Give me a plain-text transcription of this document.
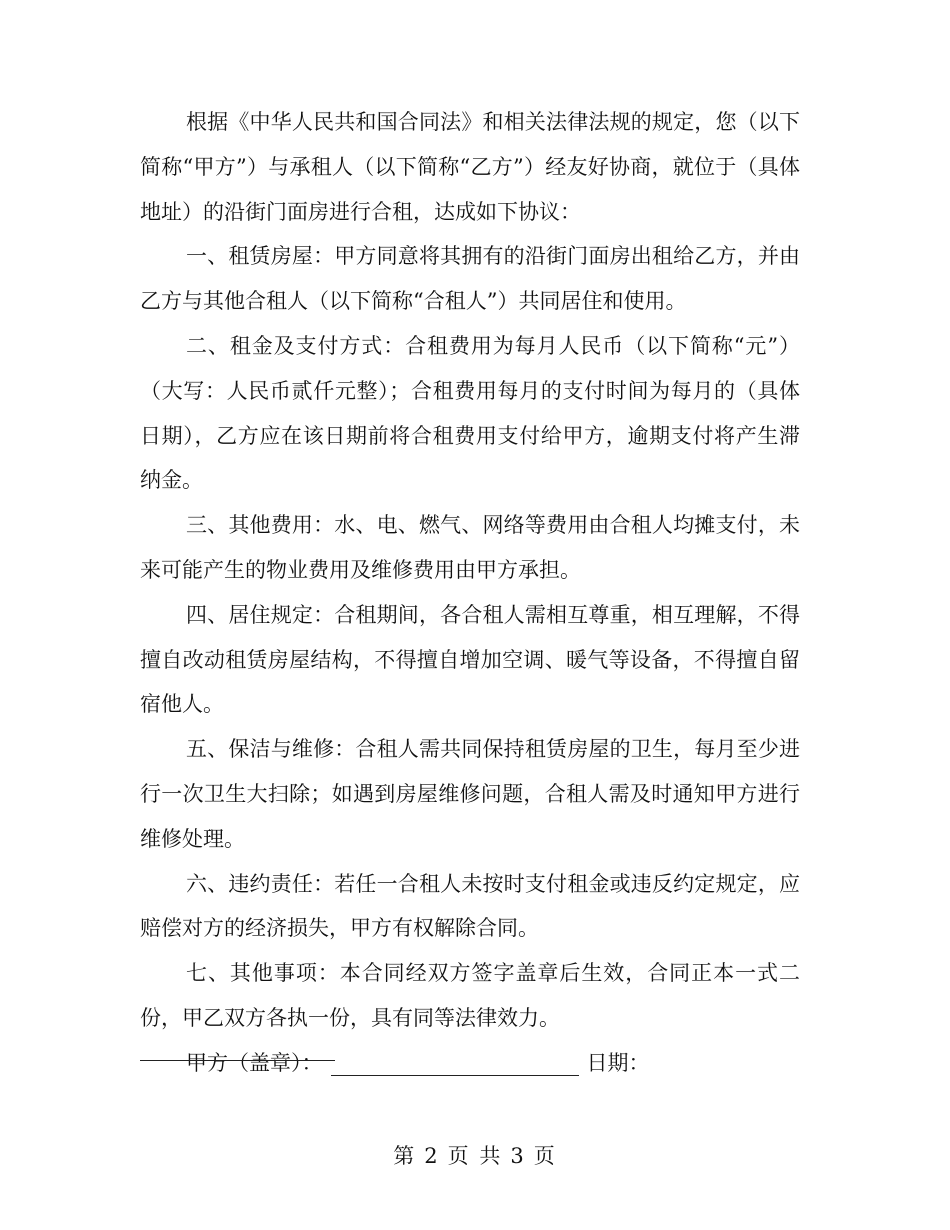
根据《中华人民共和国合同法》和相关法律法规的规定，您（以下简称“甲方”）与承租人（以下简称“乙方”）经友好协商，就位于（具体地址）的沿街门面房进行合租，达成如下协议：

一、租赁房屋：甲方同意将其拥有的沿街门面房出租给乙方，并由乙方与其他合租人（以下简称“合租人”）共同居住和使用。

二、租金及支付方式：合租费用为每月人民币（以下简称“元”）（大写：人民币贰仟元整）；合租费用每月的支付时间为每月的（具体日期），乙方应在该日期前将合租费用支付给甲方，逾期支付将产生滞纳金。

三、其他费用：水、电、燃气、网络等费用由合租人均摊支付，未来可能产生的物业费用及维修费用由甲方承担。

四、居住规定：合租期间，各合租人需相互尊重，相互理解，不得擅自改动租赁房屋结构，不得擅自增加空调、暖气等设备，不得擅自留宿他人。

五、保洁与维修：合租人需共同保持租赁房屋的卫生，每月至少进行一次卫生大扫除；如遇到房屋维修问题，合租人需及时通知甲方进行维修处理。

六、违约责任：若任一合租人未按时支付租金或违反约定规定，应赔偿对方的经济损失，甲方有权解除合同。

七、其他事项：本合同经双方签字盖章后生效，合同正本一式二份，甲乙双方各执一份，具有同等法律效力。

甲方（盖章）：	日期：

第 2 页 共 3 页
